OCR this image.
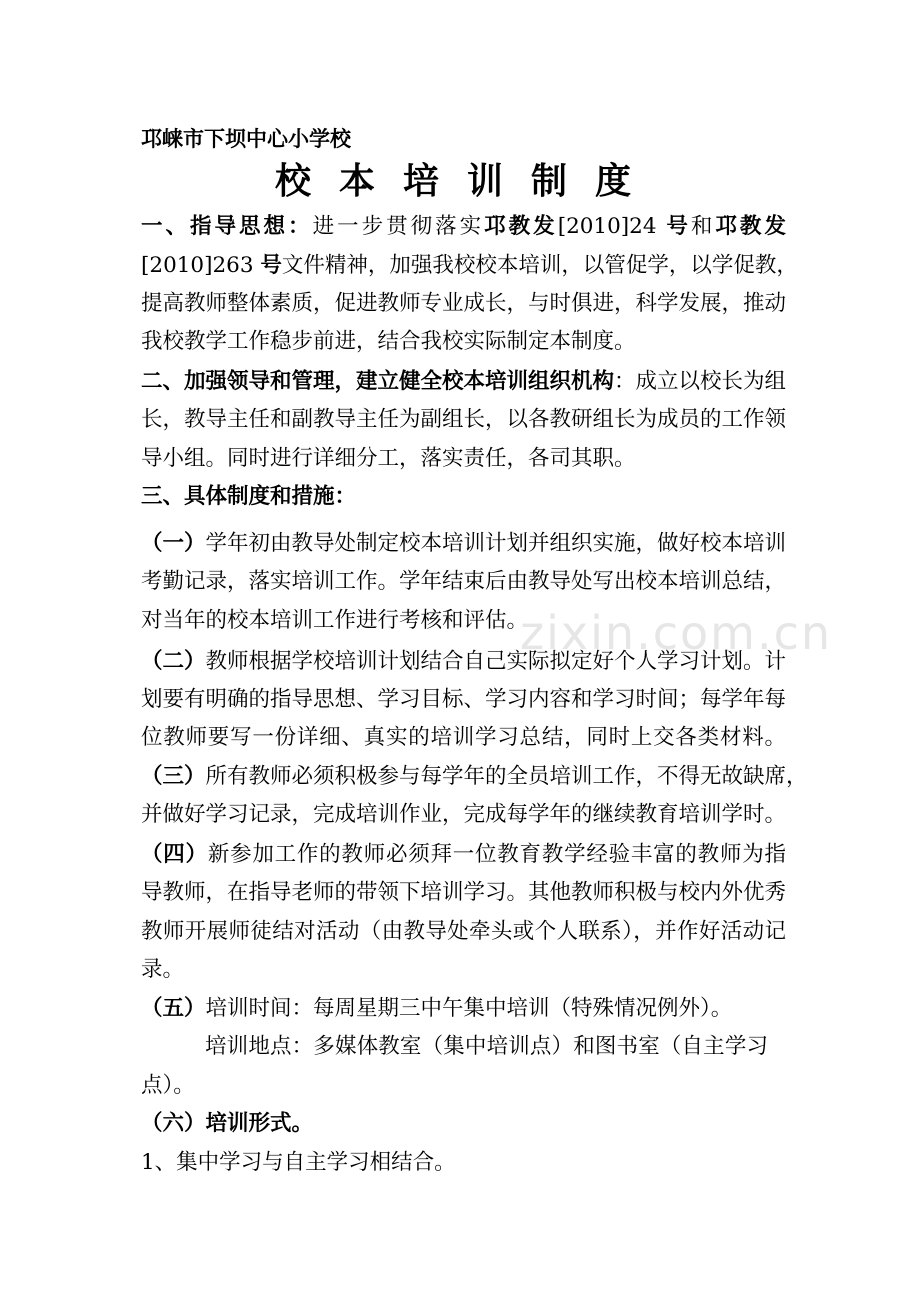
邛崃市下坝中心小学校
校本培训制度
一、指导思想：进一步贯彻落实邛教发[2010]24 号和邛教发
[2010]263 号文件精神，加强我校校本培训，以管促学，以学促教，
提高教师整体素质，促进教师专业成长，与时俱进，科学发展，推动
我校教学工作稳步前进，结合我校实际制定本制度。
二、加强领导和管理，建立健全校本培训组织机构：成立以校长为组
长，教导主任和副教导主任为副组长，以各教研组长为成员的工作领
导小组。同时进行详细分工，落实责任，各司其职。
三、具体制度和措施：
（一）学年初由教导处制定校本培训计划并组织实施，做好校本培训
考勤记录，落实培训工作。学年结束后由教导处写出校本培训总结，
对当年的校本培训工作进行考核和评估。
（二）教师根据学校培训计划结合自己实际拟定好个人学习计划。计
划要有明确的指导思想、学习目标、学习内容和学习时间；每学年每
位教师要写一份详细、真实的培训学习总结，同时上交各类材料。
（三）所有教师必须积极参与每学年的全员培训工作，不得无故缺席，
并做好学习记录，完成培训作业，完成每学年的继续教育培训学时。
（四）新参加工作的教师必须拜一位教育教学经验丰富的教师为指
导教师，在指导老师的带领下培训学习。其他教师积极与校内外优秀
教师开展师徒结对活动（由教导处牵头或个人联系），并作好活动记
录。
（五）培训时间：每周星期三中午集中培训（特殊情况例外）。
培训地点：多媒体教室（集中培训点）和图书室（自主学习
点）。
（六）培训形式。
1、集中学习与自主学习相结合。
zixin.com.cn
